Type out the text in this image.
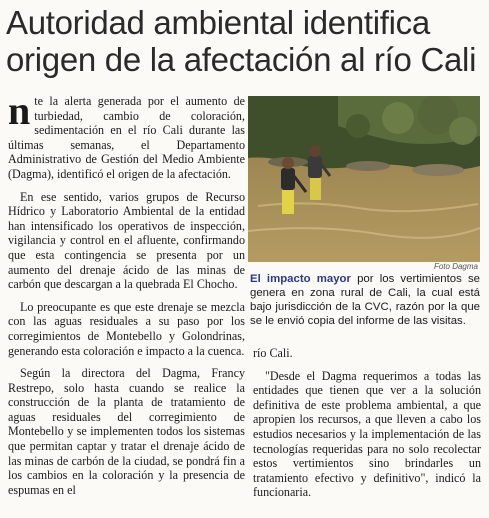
Autoridad ambiental identifica
origen de la afectación al río Cali

nte la alerta generada por el aumento de turbiedad, cambio de coloración, sedimentación en el río Cali durante las últimas semanas, el Departamento Administrativo de Gestión del Medio Ambiente (Dagma), identificó el origen de la afectación.

En ese sentido, varios grupos de Recurso Hídrico y Laboratorio Ambiental de la entidad han intensificado los operativos de inspección, vigilancia y control en el afluente, confirmando que esta contingencia se presenta por un aumento del drenaje ácido de las minas de carbón que descargan a la quebrada El Chocho.

Lo preocupante es que este drenaje se mezcla con las aguas residuales a su paso por los corregimientos de Montebello y Golondrinas, generando esta coloración e impacto a la cuenca.

Según la directora del Dagma, Francy Restrepo, solo hasta cuando se realice la construcción de la planta de tratamiento de aguas residuales del corregimiento de Montebello y se implementen todos los sistemas que permitan captar y tratar el drenaje ácido de las minas de carbón de la ciudad, se pondrá fin a los cambios en la coloración y la presencia de espumas en el

Foto Dagma
El impacto mayor por los vertimientos se genera en zona rural de Cali, la cual está bajo jurisdicción de la CVC, razón por la que se le envió copia del informe de las visitas.

río Cali.

"Desde el Dagma requerimos a todas las entidades que tienen que ver a la solución definitiva de este problema ambiental, a que apropien los recursos, a que lleven a cabo los estudios necesarios y la implementación de las tecnologías requeridas para no solo recolectar estos vertimientos sino brindarles un tratamiento efectivo y definitivo", indicó la funcionaria.
